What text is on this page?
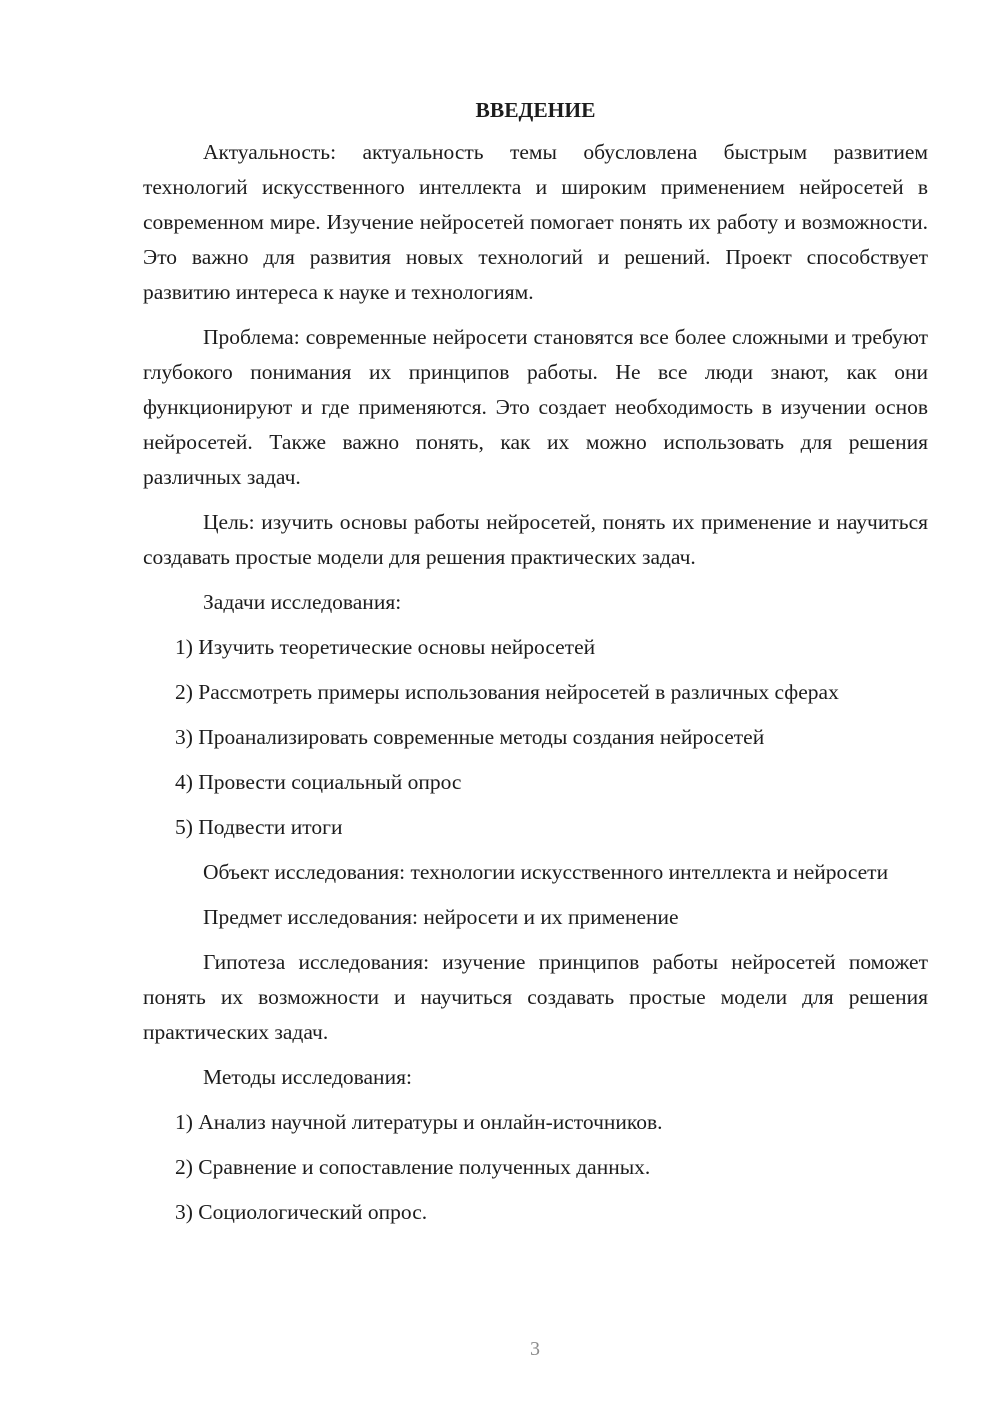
ВВЕДЕНИЕ
Актуальность: актуальность темы обусловлена быстрым развитием технологий искусственного интеллекта и широким применением нейросетей в современном мире. Изучение нейросетей помогает понять их работу и возможности. Это важно для развития новых технологий и решений. Проект способствует развитию интереса к науке и технологиям.
Проблема: современные нейросети становятся все более сложными и требуют глубокого понимания их принципов работы. Не все люди знают, как они функционируют и где применяются. Это создает необходимость в изучении основ нейросетей. Также важно понять, как их можно использовать для решения различных задач.
Цель: изучить основы работы нейросетей, понять их применение и научиться создавать простые модели для решения практических задач.
Задачи исследования:
1) Изучить теоретические основы нейросетей
2) Рассмотреть примеры использования нейросетей в различных сферах
3) Проанализировать современные методы создания нейросетей
4) Провести социальный опрос
5) Подвести итоги
Объект исследования: технологии искусственного интеллекта и нейросети
Предмет исследования: нейросети и их применение
Гипотеза исследования: изучение принципов работы нейросетей поможет понять их возможности и научиться создавать простые модели для решения практических задач.
Методы исследования:
1) Анализ научной литературы и онлайн-источников.
2) Сравнение и сопоставление полученных данных.
3) Социологический опрос.
3
